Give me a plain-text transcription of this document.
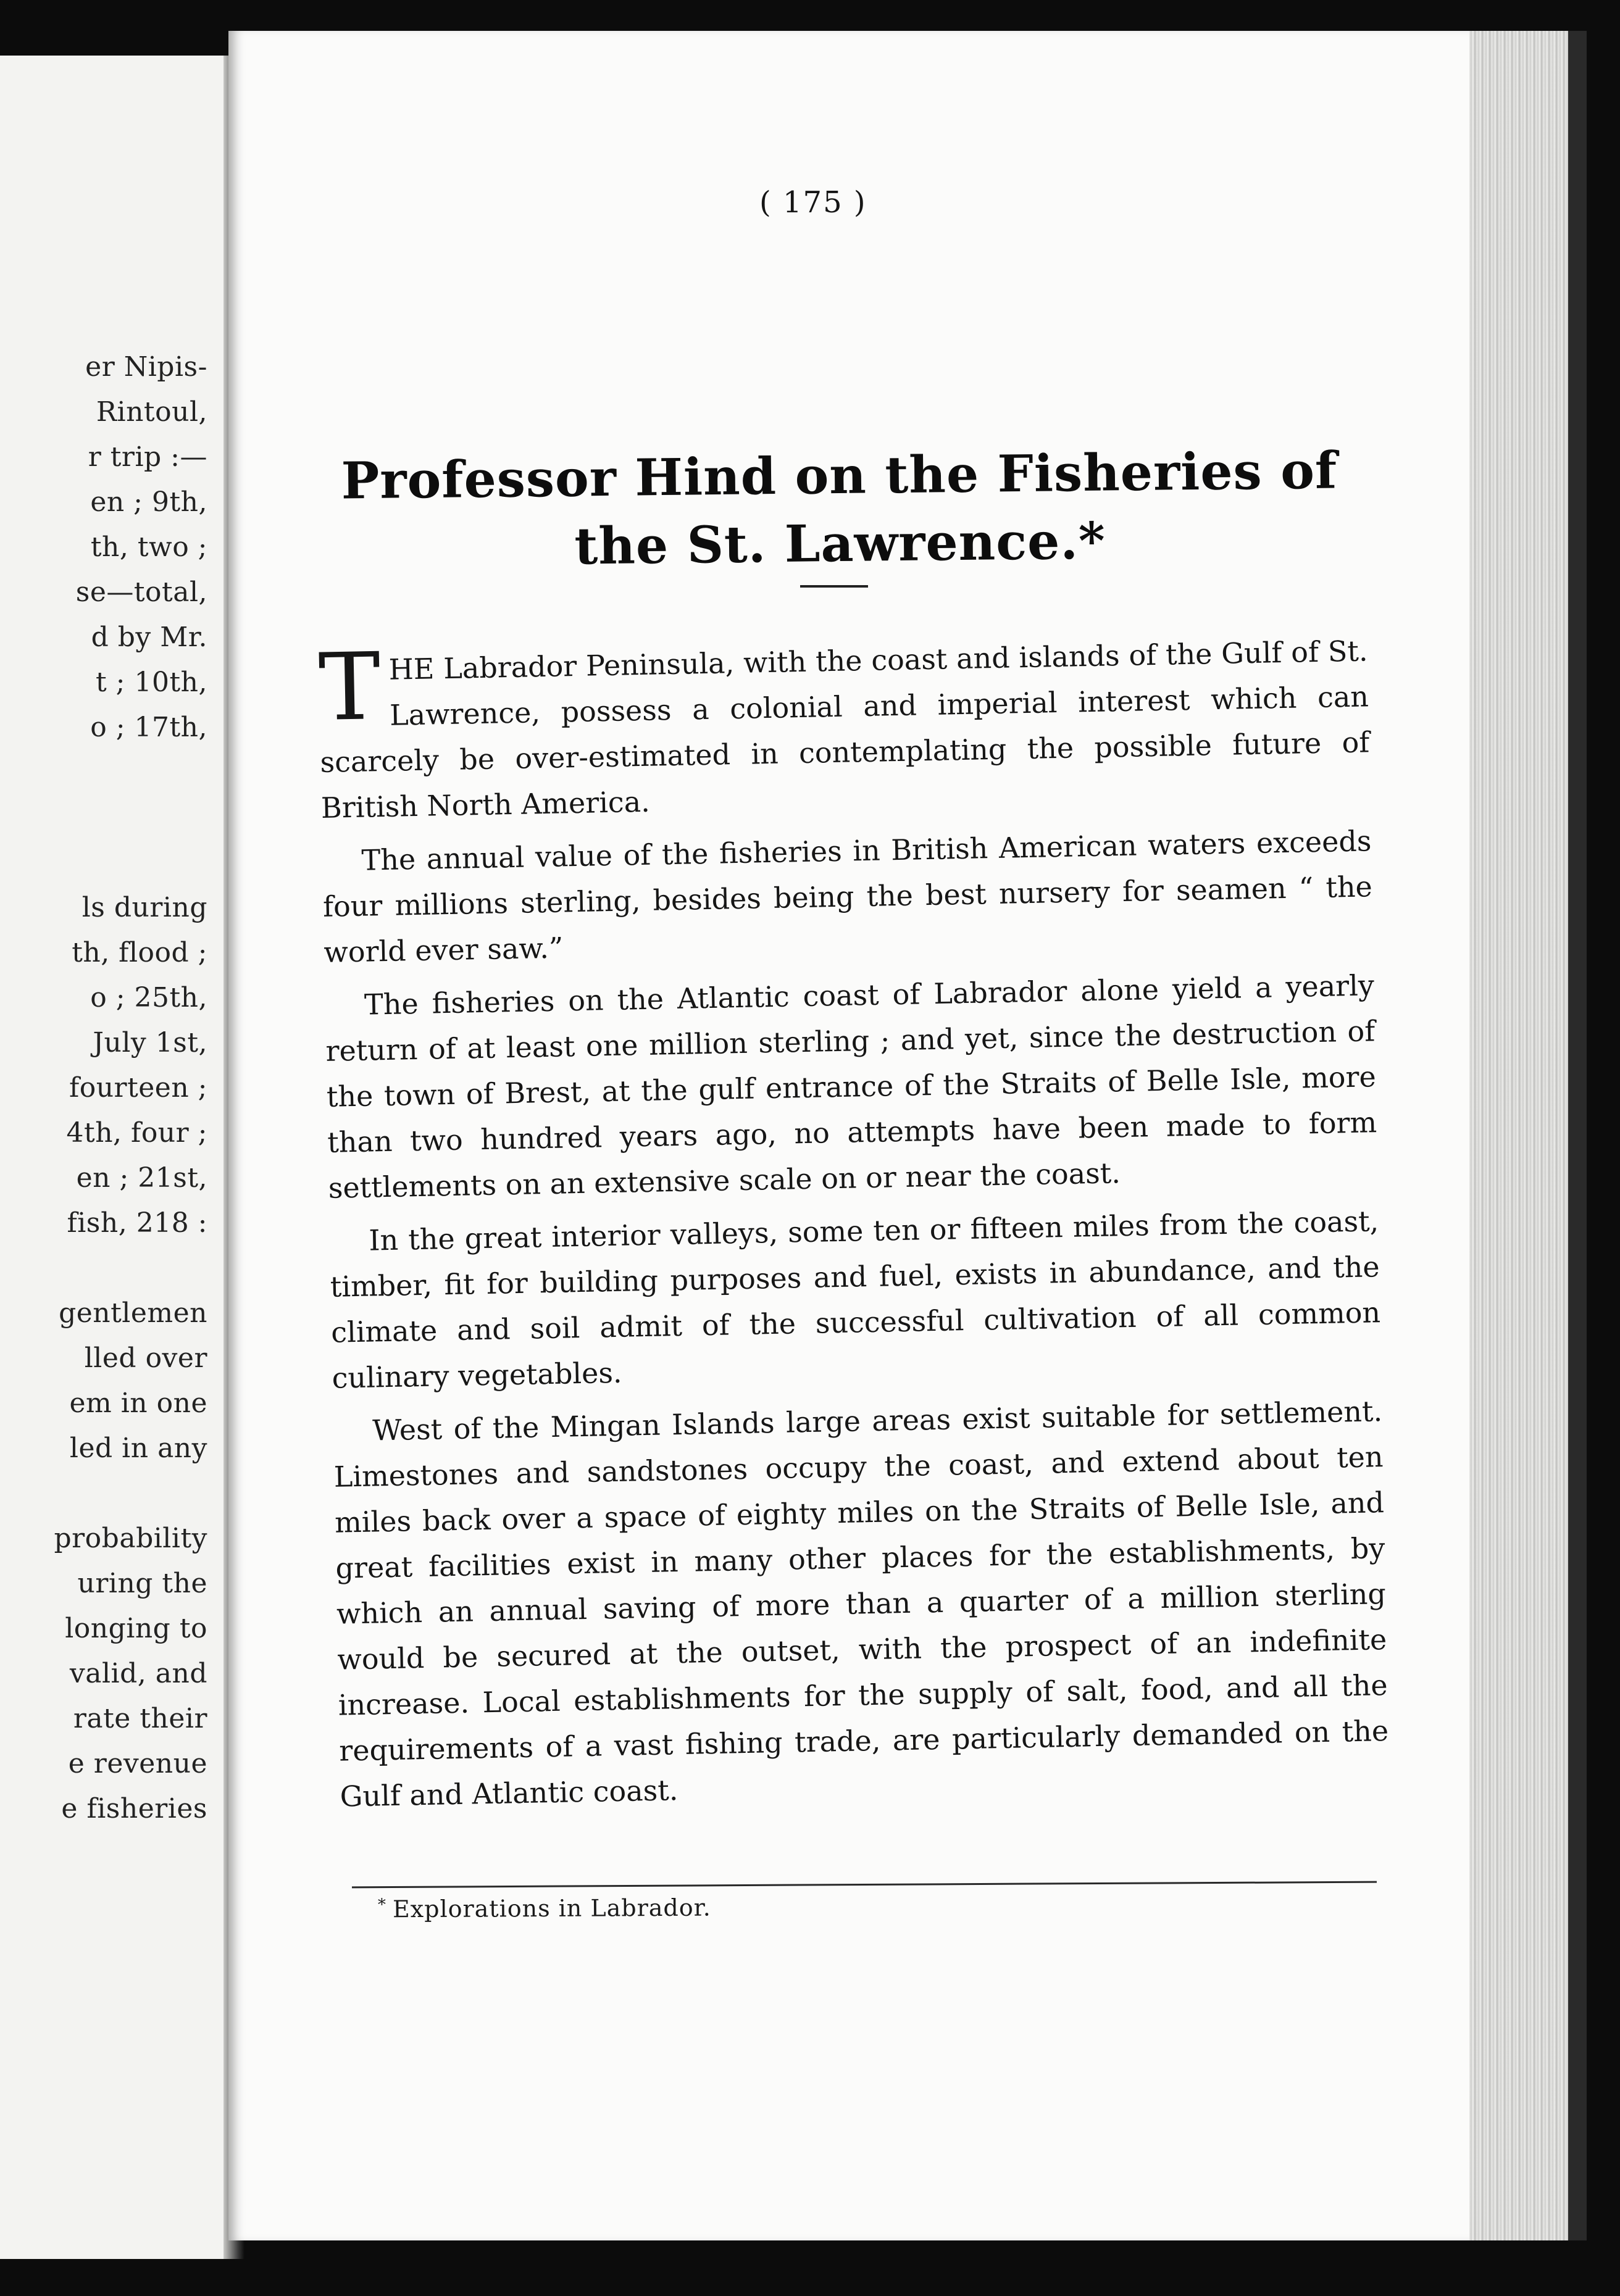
er Nipis-
Rintoul,
r trip :—
en ; 9th,
th, two ;
se—total,
d by Mr.
t ; 10th,
o ; 17th,
ls during
th, flood ;
o ; 25th,
July 1st,
fourteen ;
4th, four ;
en ; 21st,
fish, 218 :
gentlemen
lled over
em in one
led in any
probability
uring the
longing to
valid, and
rate their
e revenue
e fisheries
( 175 )
Professor Hind on the Fisheries of the St. Lawrence.*

THE Labrador Peninsula, with the coast and islands of the Gulf of St. Lawrence, possess a colonial and imperial interest which can scarcely be over-estimated in contemplating the possible future of British North America.

The annual value of the fisheries in British American waters exceeds four millions sterling, besides being the best nursery for seamen “ the world ever saw.”

The fisheries on the Atlantic coast of Labrador alone yield a yearly return of at least one million sterling ; and yet, since the destruction of the town of Brest, at the gulf entrance of the Straits of Belle Isle, more than two hundred years ago, no attempts have been made to form settlements on an extensive scale on or near the coast.

In the great interior valleys, some ten or fifteen miles from the coast, timber, fit for building purposes and fuel, exists in abundance, and the climate and soil admit of the successful cultivation of all common culinary vegetables.

West of the Mingan Islands large areas exist suitable for settlement. Limestones and sandstones occupy the coast, and extend about ten miles back over a space of eighty miles on the Straits of Belle Isle, and great facilities exist in many other places for the establishments, by which an annual saving of more than a quarter of a million sterling would be secured at the outset, with the prospect of an indefinite increase. Local establishments for the supply of salt, food, and all the requirements of a vast fishing trade, are particularly demanded on the Gulf and Atlantic coast.

* Explorations in Labrador.
